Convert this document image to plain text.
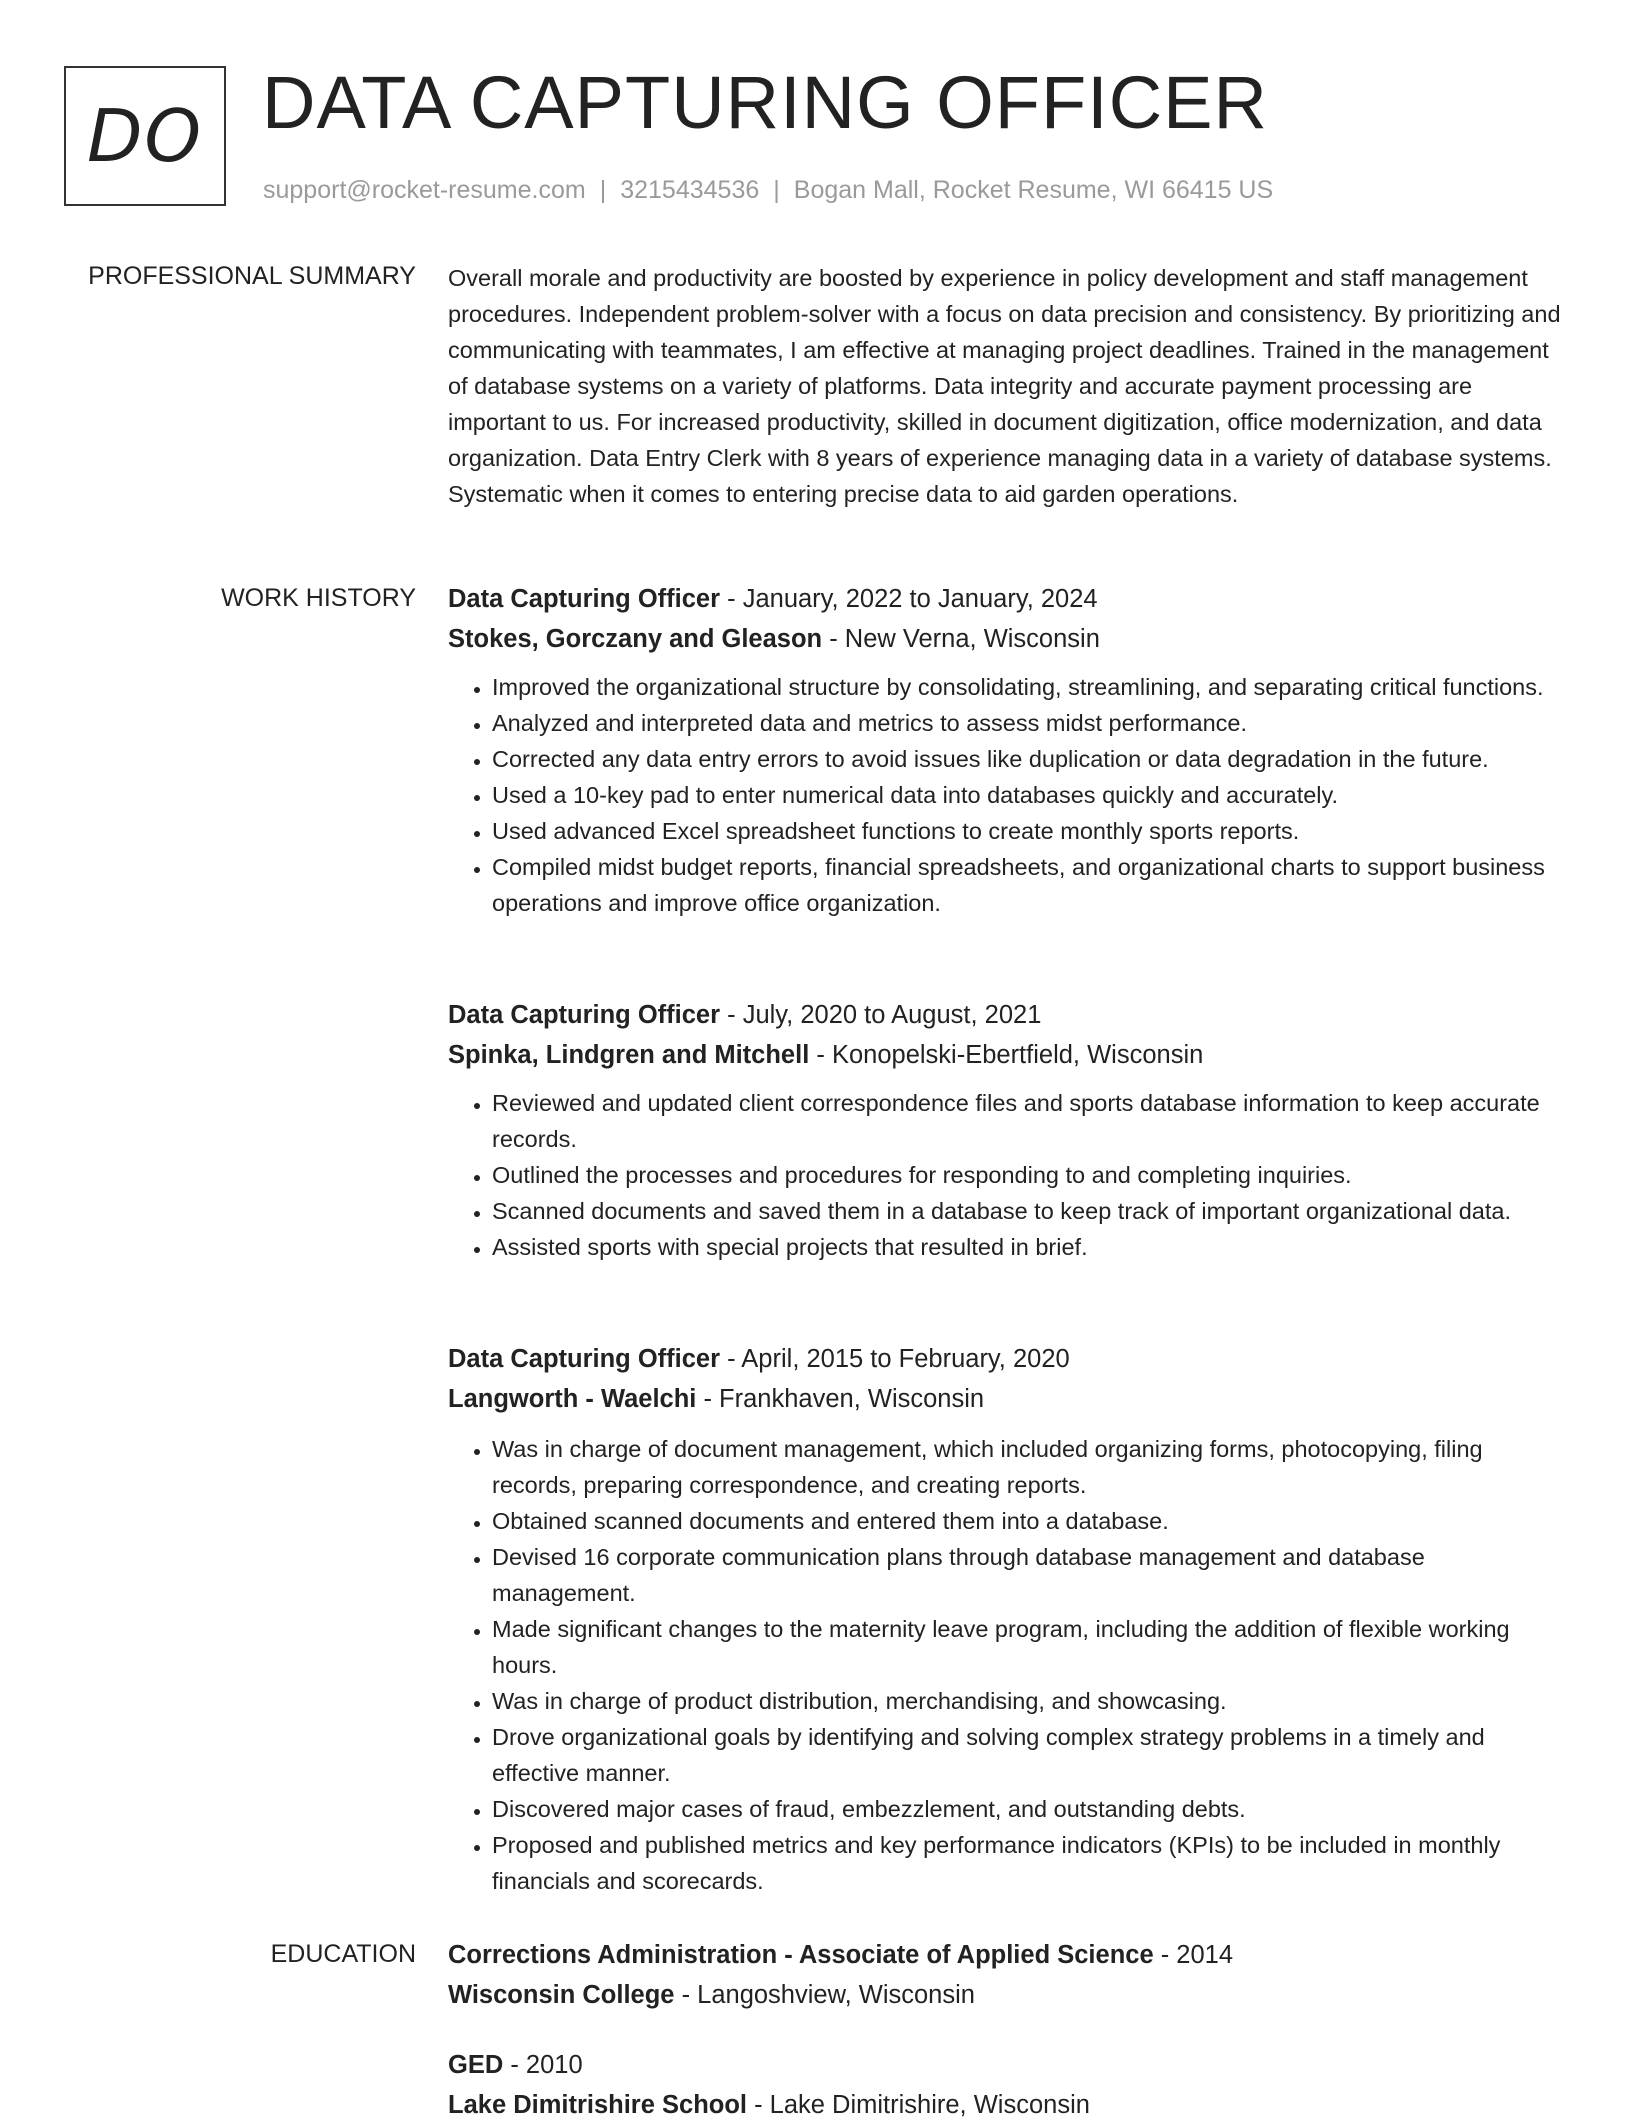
DO DATA CAPTURING OFFICER
support@rocket-resume.com | 3215434536 | Bogan Mall, Rocket Resume, WI 66415 US
PROFESSIONAL SUMMARY Overall morale and productivity are boosted by experience in policy development and staff management procedures. Independent problem-solver with a focus on data precision and consistency. By prioritizing and communicating with teammates, I am effective at managing project deadlines. Trained in the management of database systems on a variety of platforms. Data integrity and accurate payment processing are important to us. For increased productivity, skilled in document digitization, office modernization, and data organization. Data Entry Clerk with 8 years of experience managing data in a variety of database systems. Systematic when it comes to entering precise data to aid garden operations.

WORK HISTORY Data Capturing Officer - January, 2022 to January, 2024
Stokes, Gorczany and Gleason - New Verna, Wisconsin
• Improved the organizational structure by consolidating, streamlining, and separating critical functions.
• Analyzed and interpreted data and metrics to assess midst performance.
• Corrected any data entry errors to avoid issues like duplication or data degradation in the future.
• Used a 10-key pad to enter numerical data into databases quickly and accurately.
• Used advanced Excel spreadsheet functions to create monthly sports reports.
• Compiled midst budget reports, financial spreadsheets, and organizational charts to support business operations and improve office organization.
Data Capturing Officer - July, 2020 to August, 2021
Spinka, Lindgren and Mitchell - Konopelski-Ebertfield, Wisconsin
• Reviewed and updated client correspondence files and sports database information to keep accurate records.
• Outlined the processes and procedures for responding to and completing inquiries.
• Scanned documents and saved them in a database to keep track of important organizational data.
• Assisted sports with special projects that resulted in brief.
Data Capturing Officer - April, 2015 to February, 2020
Langworth - Waelchi - Frankhaven, Wisconsin
• Was in charge of document management, which included organizing forms, photocopying, filing records, preparing correspondence, and creating reports.
• Obtained scanned documents and entered them into a database.
• Devised 16 corporate communication plans through database management and database management.
• Made significant changes to the maternity leave program, including the addition of flexible working hours.
• Was in charge of product distribution, merchandising, and showcasing.
• Drove organizational goals by identifying and solving complex strategy problems in a timely and effective manner.
• Discovered major cases of fraud, embezzlement, and outstanding debts.
• Proposed and published metrics and key performance indicators (KPIs) to be included in monthly financials and scorecards.
EDUCATION Corrections Administration - Associate of Applied Science - 2014
Wisconsin College - Langoshview, Wisconsin
GED - 2010
Lake Dimitrishire School - Lake Dimitrishire, Wisconsin
